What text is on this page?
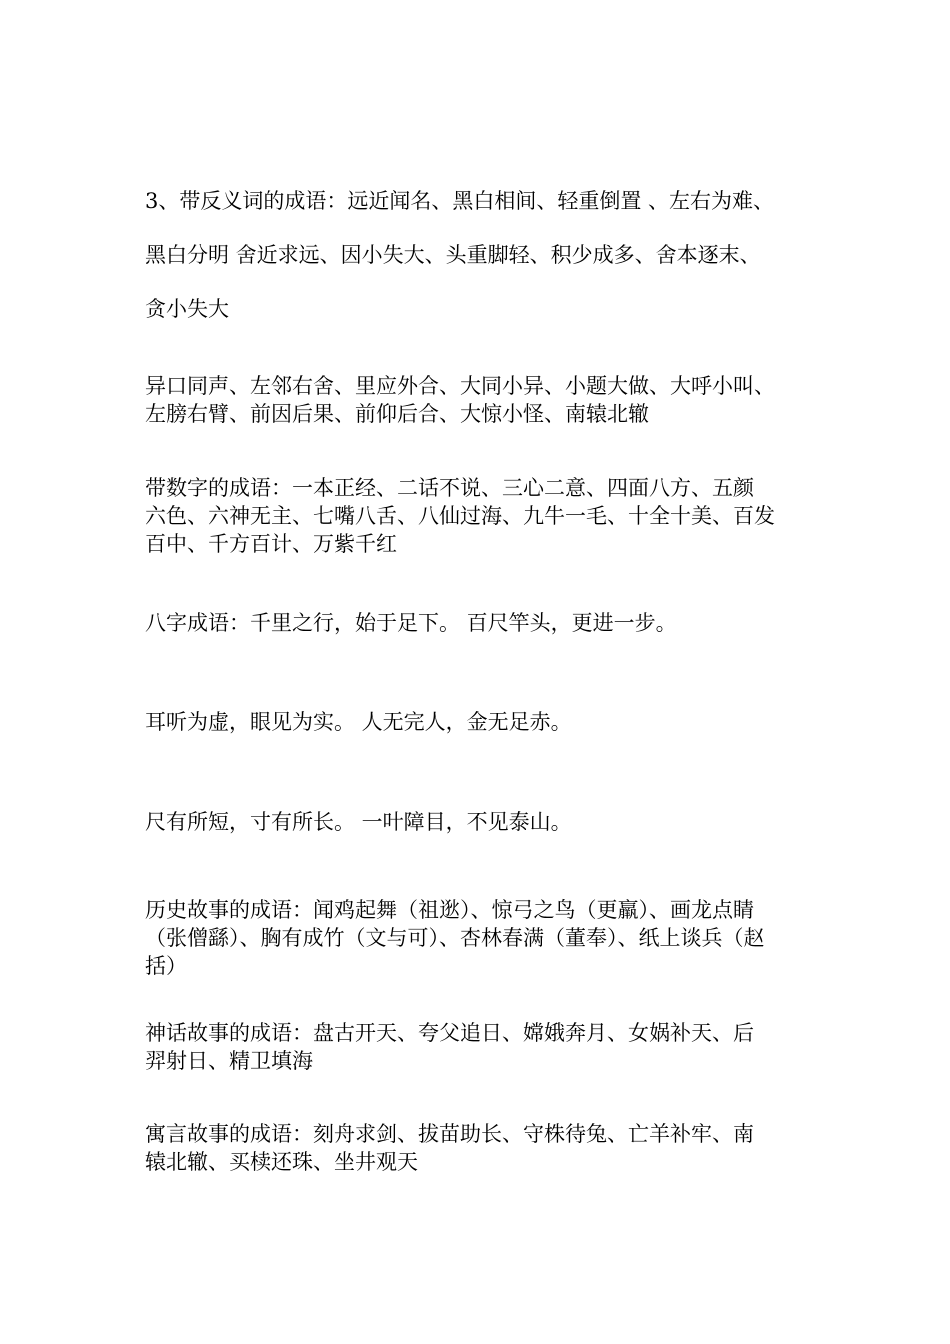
3、带反义词的成语：远近闻名、黑白相间、轻重倒置 、左右为难、
黑白分明 舍近求远、因小失大、头重脚轻、积少成多、舍本逐末、
贪小失大
异口同声、左邻右舍、里应外合、大同小异、小题大做、大呼小叫、
左膀右臂、前因后果、前仰后合、大惊小怪、南辕北辙
带数字的成语：一本正经、二话不说、三心二意、四面八方、五颜
六色、六神无主、七嘴八舌、八仙过海、九牛一毛、十全十美、百发
百中、千方百计、万紫千红
八字成语：千里之行，始于足下。 百尺竿头，更进一步。
耳听为虚，眼见为实。 人无完人，金无足赤。
尺有所短，寸有所长。 一叶障目，不见泰山。
历史故事的成语：闻鸡起舞（祖逖）、惊弓之鸟（更羸）、画龙点睛
（张僧繇）、胸有成竹（文与可）、杏林春满（董奉）、纸上谈兵（赵
括）
神话故事的成语：盘古开天、夸父追日、嫦娥奔月、女娲补天、后
羿射日、精卫填海
寓言故事的成语：刻舟求剑、拔苗助长、守株待兔、亡羊补牢、南
辕北辙、买椟还珠、坐井观天
